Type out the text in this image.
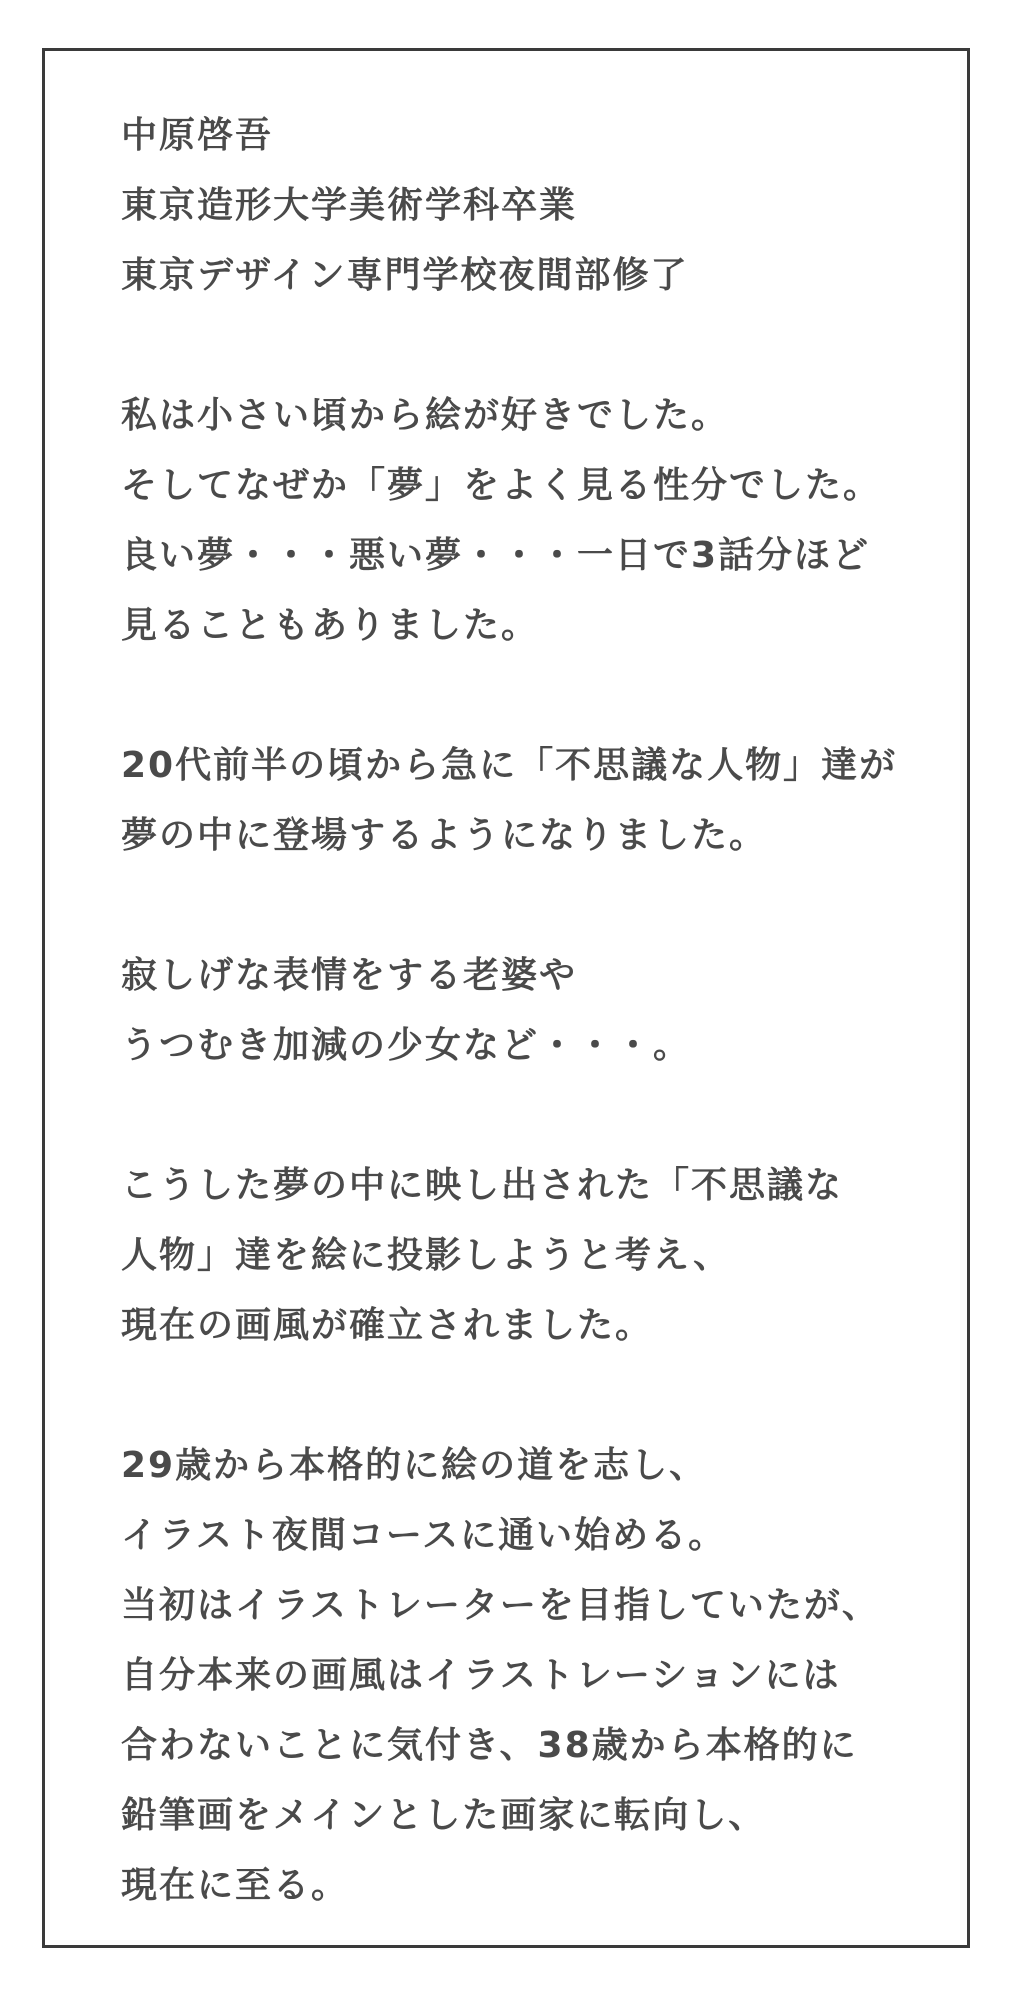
中原啓吾
東京造形大学美術学科卒業
東京デザイン専門学校夜間部修了
私は小さい頃から絵が好きでした。
そしてなぜか「夢」をよく見る性分でした。
良い夢・・・悪い夢・・・一日で3話分ほど
見ることもありました。
20代前半の頃から急に「不思議な人物」達が
夢の中に登場するようになりました。
寂しげな表情をする老婆や
うつむき加減の少女など・・・。
こうした夢の中に映し出された「不思議な
人物」達を絵に投影しようと考え、
現在の画風が確立されました。
29歳から本格的に絵の道を志し、
イラスト夜間コースに通い始める。
当初はイラストレーターを目指していたが、
自分本来の画風はイラストレーションには
合わないことに気付き、38歳から本格的に
鉛筆画をメインとした画家に転向し、
現在に至る。
